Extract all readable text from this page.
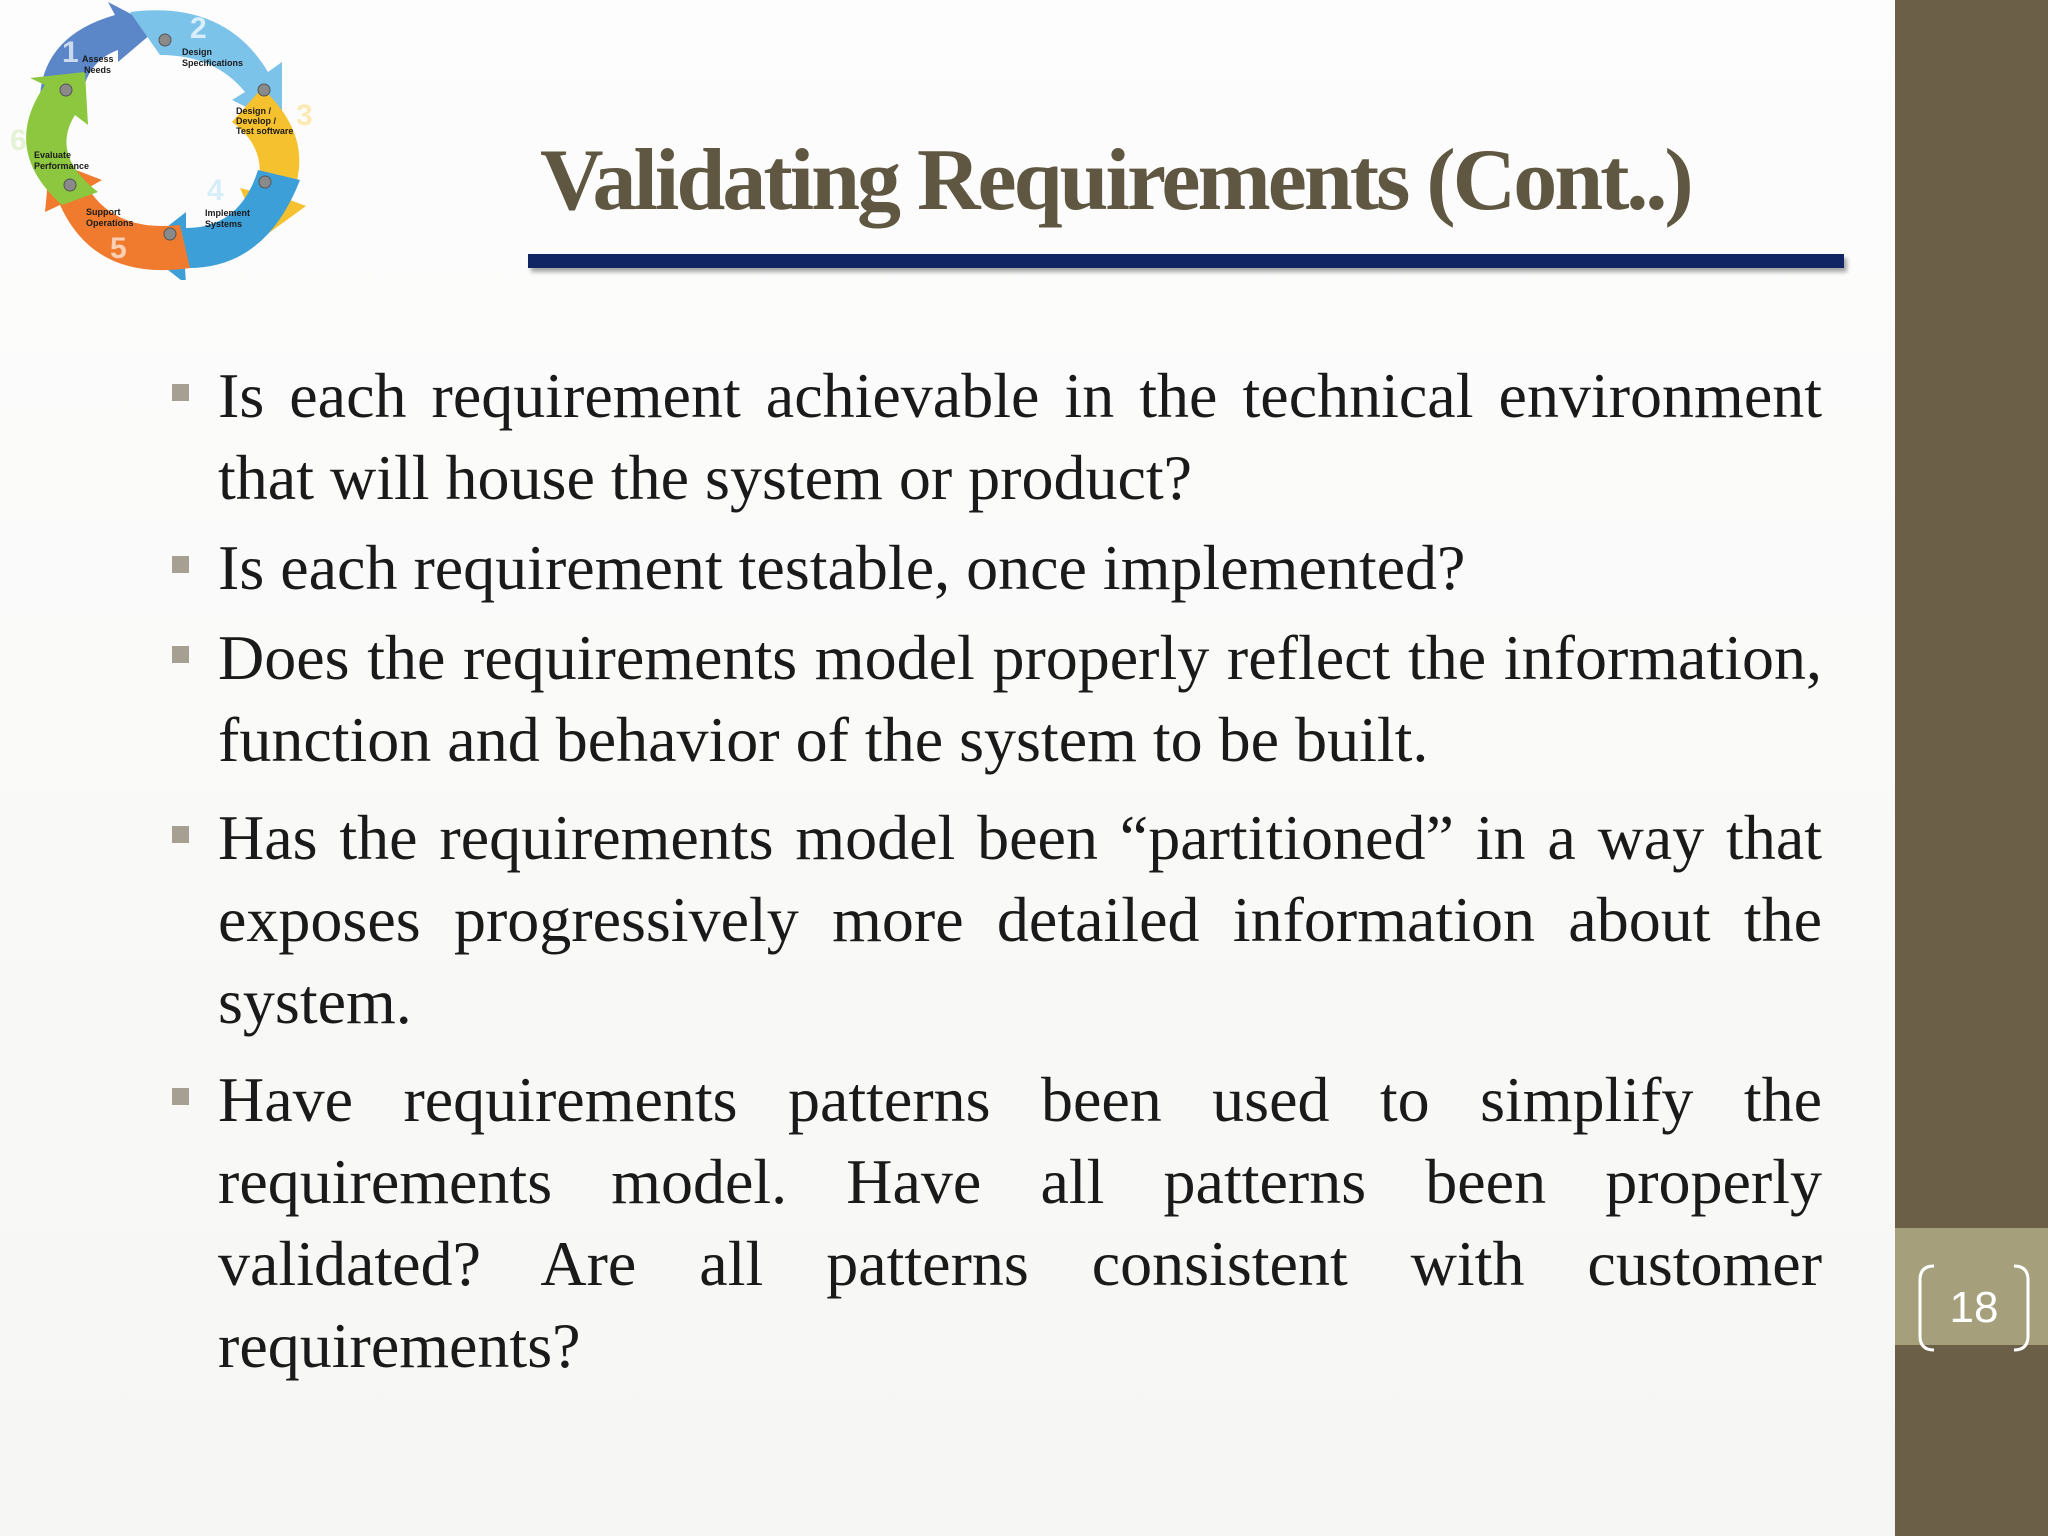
18
1
2
3
4
5
6
Assess Needs
Design Specifications
Design / Develop / Test software
Implement Systems
Support Operations
Evaluate Performance	Validating Requirements (Cont..)
Is each requirement achievable in the technical environment that will house the system or product?
Is each requirement testable, once implemented?
Does the requirements model properly reflect the information, function and behavior of the system to be built.
Has the requirements model been “partitioned” in a way that exposes progressively more detailed information about the system.
Have requirements patterns been used to simplify the requirements model. Have all patterns been properly validated? Are all patterns consistent with customer requirements?
